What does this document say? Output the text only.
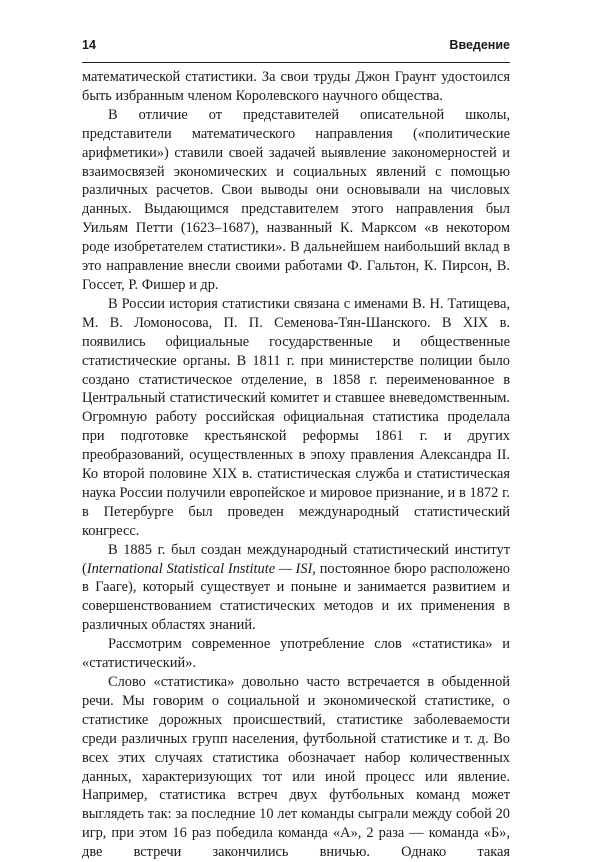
14	Введение

математической статистики. За свои труды Джон Граунт удостоился быть избранным членом Королевского научного общества.

В отличие от представителей описательной школы, представители математического направления («политические арифметики») ставили своей задачей выявление закономерностей и взаимосвязей экономических и социальных явлений с помощью различных расчетов. Свои выводы они основывали на числовых данных. Выдающимся представителем этого направления был Уильям Петти (1623–1687), названный К. Марксом «в некотором роде изобретателем статистики». В дальнейшем наибольший вклад в это направление внесли своими работами Ф. Гальтон, К. Пирсон, В. Госсет, Р. Фишер и др.

В России история статистики связана с именами В. Н. Татищева, М. В. Ломоносова, П. П. Семенова-Тян-Шанского. В XIX в. появились официальные государственные и общественные статистические органы. В 1811 г. при министерстве полиции было создано статистическое отделение, в 1858 г. переименованное в Центральный статистический комитет и ставшее вневедомственным. Огромную работу российская официальная статистика проделала при подготовке крестьянской реформы 1861 г. и других преобразований, осуществленных в эпоху правления Александра II. Ко второй половине XIX в. статистическая служба и статистическая наука России получили европейское и мировое признание, и в 1872 г. в Петербурге был проведен международный статистический конгресс.

В 1885 г. был создан международный статистический институт (International Statistical Institute — ISI, постоянное бюро расположено в Гааге), который существует и поныне и занимается развитием и совершенствованием статистических методов и их применения в различных областях знаний.

Рассмотрим современное употребление слов «статистика» и «статистический».

Слово «статистика» довольно часто встречается в обыденной речи. Мы говорим о социальной и экономической статистике, о статистике дорожных происшествий, статистике заболеваемости среди различных групп населения, футбольной статистике и т. д. Во всех этих случаях статистика обозначает набор количественных данных, характеризующих тот или иной процесс или явление. Например, статистика встреч двух футбольных команд может выглядеть так: за последние 10 лет команды сыграли между собой 20 игр, при этом 16 раз победила команда «А», 2 раза — команда «Б», две встречи закончились вничью. Однако такая
